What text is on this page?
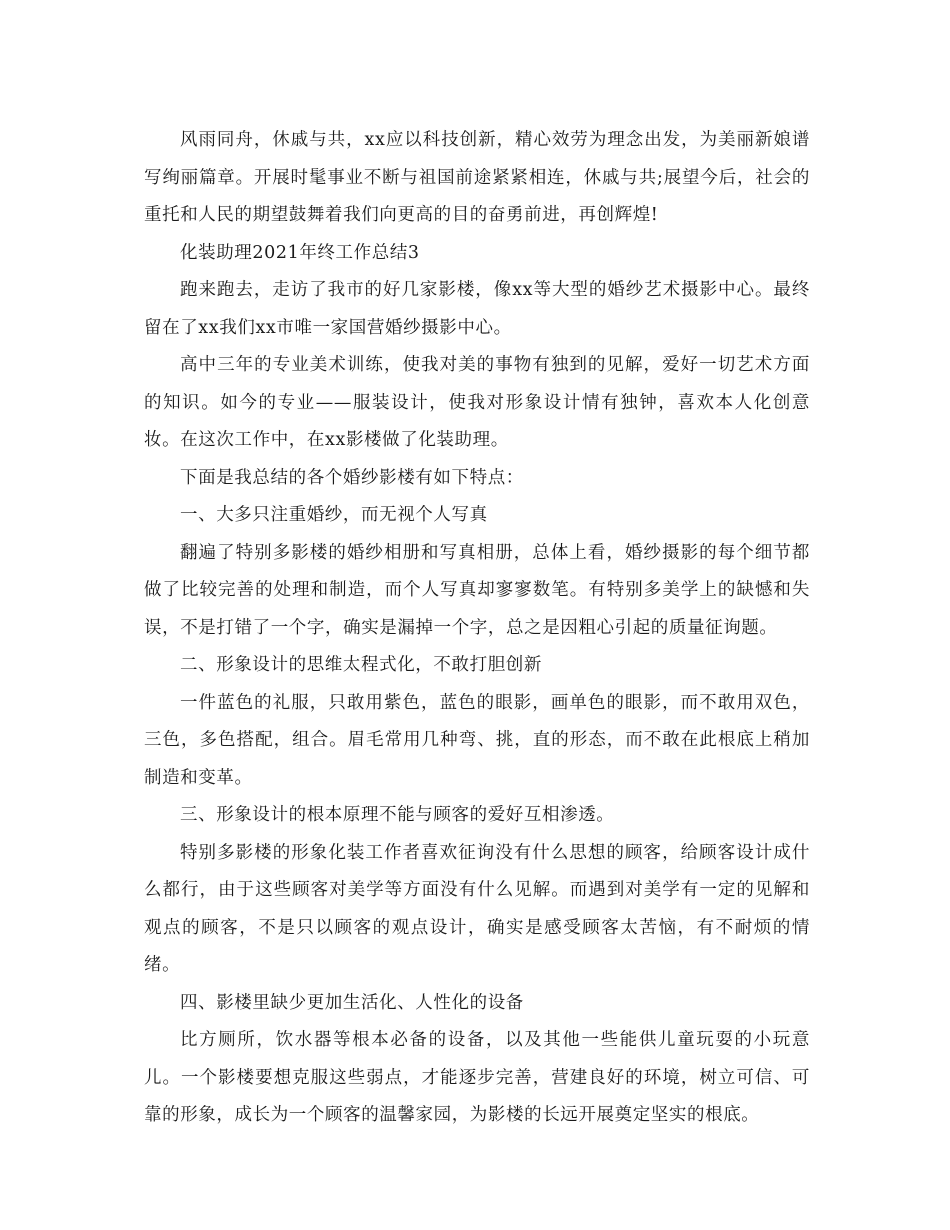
风雨同舟，休戚与共，xx应以科技创新，精心效劳为理念出发，为美丽新娘谱写绚丽篇章。开展时髦事业不断与祖国前途紧紧相连，休戚与共;展望今后，社会的重托和人民的期望鼓舞着我们向更高的目的奋勇前进，再创辉煌!

化装助理2021年终工作总结3

跑来跑去，走访了我市的好几家影楼，像xx等大型的婚纱艺术摄影中心。最终留在了xx我们xx市唯一家国营婚纱摄影中心。

高中三年的专业美术训练，使我对美的事物有独到的见解，爱好一切艺术方面的知识。如今的专业——服装设计，使我对形象设计情有独钟，喜欢本人化创意妆。在这次工作中，在xx影楼做了化装助理。

下面是我总结的各个婚纱影楼有如下特点：

一、大多只注重婚纱，而无视个人写真

翻遍了特别多影楼的婚纱相册和写真相册，总体上看，婚纱摄影的每个细节都做了比较完善的处理和制造，而个人写真却寥寥数笔。有特别多美学上的缺憾和失误，不是打错了一个字，确实是漏掉一个字，总之是因粗心引起的质量征询题。

二、形象设计的思维太程式化，不敢打胆创新

一件蓝色的礼服，只敢用紫色，蓝色的眼影，画单色的眼影，而不敢用双色，三色，多色搭配，组合。眉毛常用几种弯、挑，直的形态，而不敢在此根底上稍加制造和变革。

三、形象设计的根本原理不能与顾客的爱好互相渗透。

特别多影楼的形象化装工作者喜欢征询没有什么思想的顾客，给顾客设计成什么都行，由于这些顾客对美学等方面没有什么见解。而遇到对美学有一定的见解和观点的顾客，不是只以顾客的观点设计，确实是感受顾客太苦恼，有不耐烦的情绪。

四、影楼里缺少更加生活化、人性化的设备

比方厕所，饮水器等根本必备的设备，以及其他一些能供儿童玩耍的小玩意儿。一个影楼要想克服这些弱点，才能逐步完善，营建良好的环境，树立可信、可靠的形象，成长为一个顾客的温馨家园，为影楼的长远开展奠定坚实的根底。
